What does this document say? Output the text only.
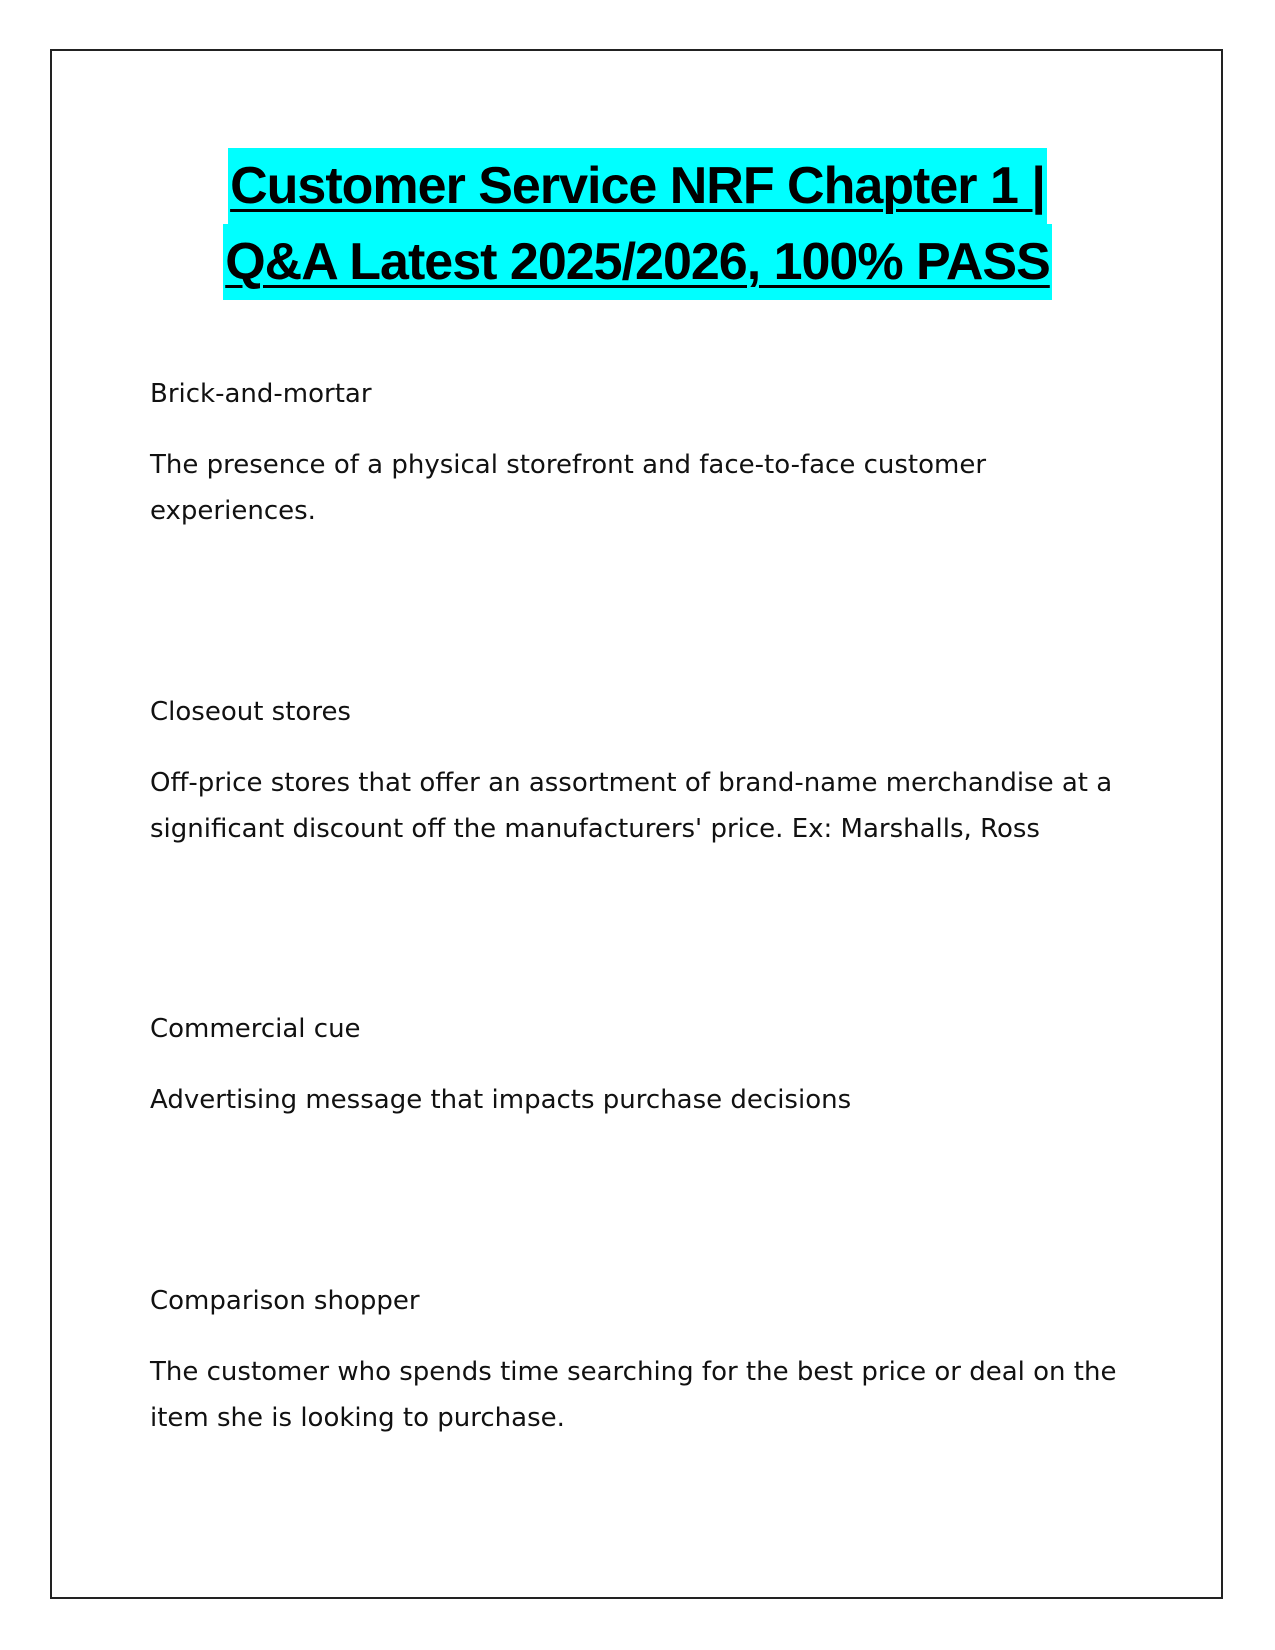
Customer Service NRF Chapter 1 |
Q&A Latest 2025/2026, 100% PASS

Brick-and-mortar

The presence of a physical storefront and face-to-face customer experiences.

Closeout stores

Off-price stores that offer an assortment of brand-name merchandise at a significant discount off the manufacturers' price. Ex: Marshalls, Ross

Commercial cue

Advertising message that impacts purchase decisions

Comparison shopper

The customer who spends time searching for the best price or deal on the item she is looking to purchase.
